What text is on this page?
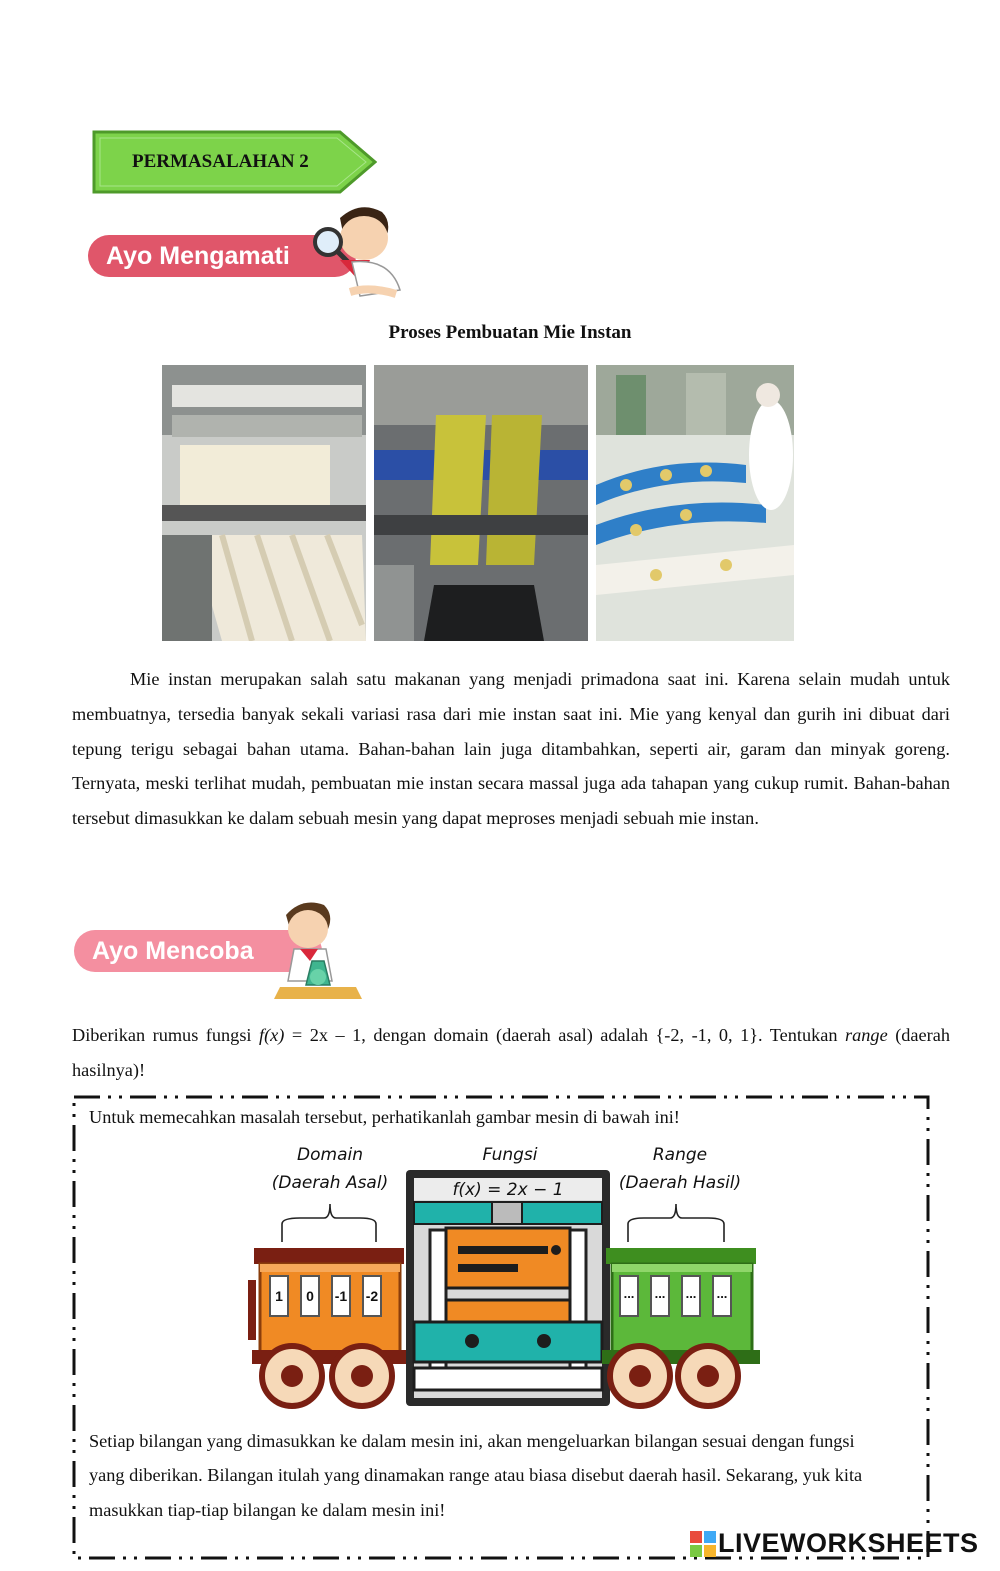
PERMASALAHAN 2
Ayo Mengamati
Proses Pembuatan Mie Instan
Mie instan merupakan salah satu makanan yang menjadi primadona saat ini. Karena selain mudah untuk membuatnya, tersedia banyak sekali variasi rasa dari mie instan saat ini. Mie yang kenyal dan gurih ini dibuat dari tepung terigu sebagai bahan utama. Bahan-bahan lain juga ditambahkan, seperti air, garam dan minyak goreng. Ternyata, meski terlihat mudah, pembuatan mie instan secara massal juga ada tahapan yang cukup rumit. Bahan-bahan tersebut dimasukkan ke dalam sebuah mesin yang dapat meproses menjadi sebuah mie instan.
Ayo Mencoba
Diberikan rumus fungsi f(x) = 2x – 1, dengan domain (daerah asal) adalah {-2, -1, 0, 1}. Tentukan range (daerah hasilnya)!
Untuk memecahkan masalah tersebut, perhatikanlah gambar mesin di bawah ini!
Domain
(Daerah Asal)
Fungsi	Range
(Daerah Hasil)
1 0 -1 -2
f(x) = 2x − 1
... ... ... ...
Setiap bilangan yang dimasukkan ke dalam mesin ini, akan mengeluarkan bilangan sesuai dengan fungsi yang diberikan. Bilangan itulah yang dinamakan range atau biasa disebut daerah hasil. Sekarang, yuk kita masukkan tiap-tiap bilangan ke dalam mesin ini!
LIVEWORKSHEETS
